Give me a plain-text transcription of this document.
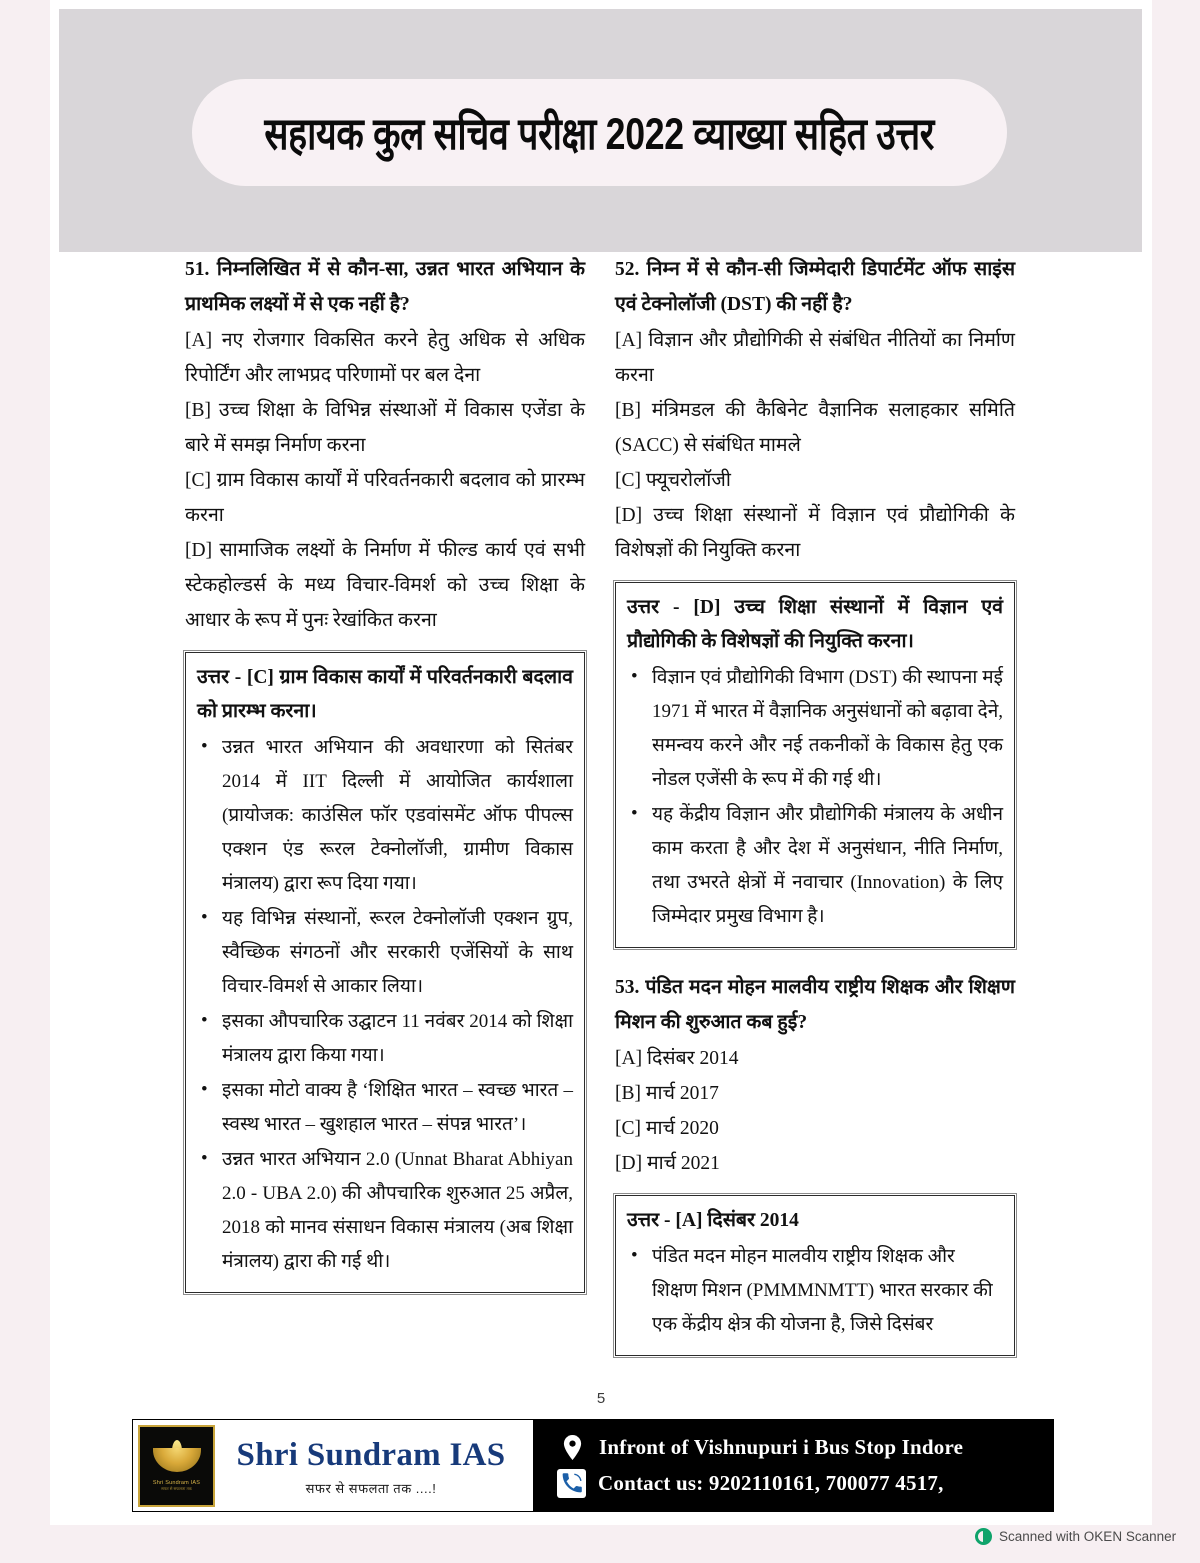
सहायक कुल सचिव परीक्षा 2022 व्याख्या सहित उत्तर
51. निम्नलिखित में से कौन-सा, उन्नत भारत अभियान के प्राथमिक लक्ष्यों में से एक नहीं है?
[A] नए रोजगार विकसित करने हेतु अधिक से अधिक रिपोर्टिंग और लाभप्रद परिणामों पर बल देना
[B] उच्च शिक्षा के विभिन्न संस्थाओं में विकास एजेंडा के बारे में समझ निर्माण करना
[C] ग्राम विकास कार्यों में परिवर्तनकारी बदलाव को प्रारम्भ करना
[D] सामाजिक लक्ष्यों के निर्माण में फील्ड कार्य एवं सभी स्टेकहोल्डर्स के मध्य विचार-विमर्श को उच्च शिक्षा के आधार के रूप में पुनः रेखांकित करना
उत्तर - [C] ग्राम विकास कार्यों में परिवर्तनकारी बदलाव को प्रारम्भ करना।
• उन्नत भारत अभियान की अवधारणा को सितंबर 2014 में IIT दिल्ली में आयोजित कार्यशाला (प्रायोजक: काउंसिल फॉर एडवांसमेंट ऑफ पीपल्स एक्शन एंड रूरल टेक्नोलॉजी, ग्रामीण विकास मंत्रालय) द्वारा रूप दिया गया।
• यह विभिन्न संस्थानों, रूरल टेक्नोलॉजी एक्शन ग्रुप, स्वैच्छिक संगठनों और सरकारी एजेंसियों के साथ विचार-विमर्श से आकार लिया।
• इसका औपचारिक उद्घाटन 11 नवंबर 2014 को शिक्षा मंत्रालय द्वारा किया गया।
• इसका मोटो वाक्य है ‘शिक्षित भारत – स्वच्छ भारत – स्वस्थ भारत – खुशहाल भारत – संपन्न भारत’।
• उन्नत भारत अभियान 2.0 (Unnat Bharat Abhiyan 2.0 - UBA 2.0) की औपचारिक शुरुआत 25 अप्रैल, 2018 को मानव संसाधन विकास मंत्रालय (अब शिक्षा मंत्रालय) द्वारा की गई थी।
52. निम्न में से कौन-सी जिम्मेदारी डिपार्टमेंट ऑफ साइंस एवं टेक्नोलॉजी (DST) की नहीं है?
[A] विज्ञान और प्रौद्योगिकी से संबंधित नीतियों का निर्माण करना
[B] मंत्रिमडल की कैबिनेट वैज्ञानिक सलाहकार समिति (SACC) से संबंधित मामले
[C] फ्यूचरोलॉजी
[D] उच्च शिक्षा संस्थानों में विज्ञान एवं प्रौद्योगिकी के विशेषज्ञों की नियुक्ति करना
उत्तर - [D] उच्च शिक्षा संस्थानों में विज्ञान एवं प्रौद्योगिकी के विशेषज्ञों की नियुक्ति करना।
• विज्ञान एवं प्रौद्योगिकी विभाग (DST) की स्थापना मई 1971 में भारत में वैज्ञानिक अनुसंधानों को बढ़ावा देने, समन्वय करने और नई तकनीकों के विकास हेतु एक नोडल एजेंसी के रूप में की गई थी।
• यह केंद्रीय विज्ञान और प्रौद्योगिकी मंत्रालय के अधीन काम करता है और देश में अनुसंधान, नीति निर्माण, तथा उभरते क्षेत्रों में नवाचार (Innovation) के लिए जिम्मेदार प्रमुख विभाग है।
53. पंडित मदन मोहन मालवीय राष्ट्रीय शिक्षक और शिक्षण मिशन की शुरुआत कब हुई?
[A] दिसंबर 2014
[B] मार्च 2017
[C] मार्च 2020
[D] मार्च 2021
उत्तर - [A] दिसंबर 2014
• पंडित मदन मोहन मालवीय राष्ट्रीय शिक्षक और शिक्षण मिशन (PMMMNMTT) भारत सरकार की एक केंद्रीय क्षेत्र की योजना है, जिसे दिसंबर
5
Shri Sundram IAS
सफर से सफलता तक
Shri Sundram IAS
सफर से सफलता तक ....!
Infront of Vishnupuri i Bus Stop Indore
Contact us: 9202110161, 700077 4517,
Scanned with OKEN Scanner
